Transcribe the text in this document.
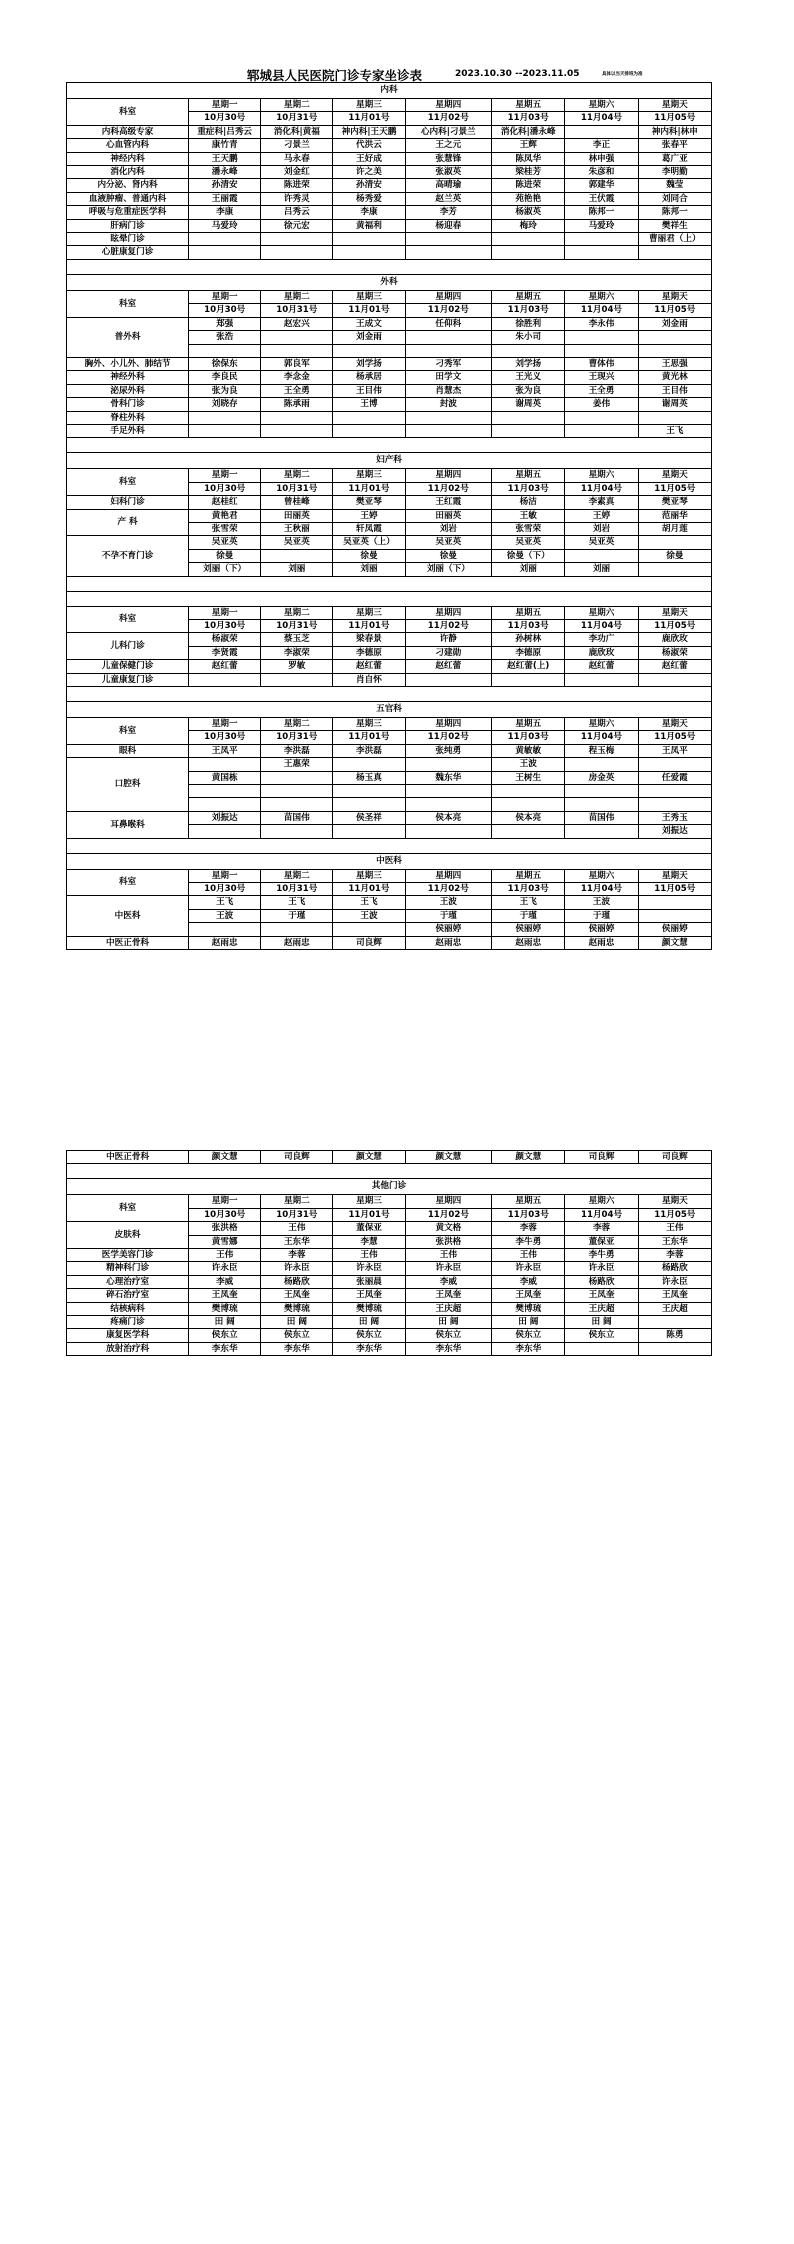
郓城县人民医院门诊专家坐诊表	2023.10.30 --2023.11.05	具体以当天排班为准
内科							
科室	星期一	星期二	星期三	星期四	星期五	星期六	星期天
	10月30号	10月31号	11月01号	11月02号	11月03号	11月04号	11月05号
内科高级专家	重症科|吕秀云	消化科|黄福	神内科|王天鹏	心内科|刁景兰	消化科|潘永峰		神内科|林申
心血管内科	康竹青	刁景兰	代洪云	王之元	王辉	李正	张春平
神经内科	王天鹏	马永春	王好成	张慧锋	陈凤华	林申强	葛广亚
消化内科	潘永峰	刘金红	许之美	张淑英	梁桂芳	朱彦和	李明勤
内分泌、肾内科	孙清安	陈进荣	孙清安	高晴瑜	陈进荣	郭建华	魏莹
血液肿瘤、普通内科	王丽霞	许秀灵	杨秀爱	赵兰英	苑艳艳	王伏霞	刘同合
呼吸与危重症医学科	李康	吕秀云	李康	李芳	杨淑英	陈邦一	陈邦一
肝病门诊	马爱玲	徐元宏	黄福利	杨迎春	梅玲	马爱玲	樊祥生
眩晕门诊							曹丽君（上）
心脏康复门诊							

外科							
科室	星期一	星期二	星期三	星期四	星期五	星期六	星期天
	10月30号	10月31号	11月01号	11月02号	11月03号	11月04号	11月05号
普外科	郑强	赵宏兴	王成文	任仰科	徐胜利	李永伟	刘金雨
	张浩		刘金雨		朱小司		

胸外、小儿外、肺结节	徐保东	郭良军	刘学扬	刁秀军	刘学扬	曹体伟	王思强
神经外科	李良民	李念金	杨承居	田学文	王光义	王现兴	黄光林
泌尿外科	张为良	王全勇	王目伟	肖慧杰	张为良	王全勇	王目伟
骨科门诊	刘晓存	陈承雨	王博	封波	谢周英	姜伟	谢周英
脊柱外科							
手足外科							王飞

妇产科							
科室	星期一	星期二	星期三	星期四	星期五	星期六	星期天
	10月30号	10月31号	11月01号	11月02号	11月03号	11月04号	11月05号
妇科门诊	赵桂红	曾桂峰	樊亚琴	王红霞	杨洁	李素真	樊亚琴
产 科	黄艳君	田丽英	王婷	田丽英	王敏	王婷	范丽华
	张雪荣	王秋丽	轩凤霞	刘岩	张雪荣	刘岩	胡月莲
不孕不育门诊	吴亚英	吴亚英	吴亚英（上）	吴亚英	吴亚英	吴亚英	
	徐曼		徐曼	徐曼	徐曼（下）		徐曼
	刘丽（下）	刘丽	刘丽	刘丽（下）	刘丽	刘丽	

科室	星期一	星期二	星期三	星期四	星期五	星期六	星期天
	10月30号	10月31号	11月01号	11月02号	11月03号	11月04号	11月05号
儿科门诊	杨淑荣	蔡玉芝	梁春景	许静	孙树林	李功广	鹿欣玫
	李贤霞	李淑荣	李德原	刁建勋	李德原	鹿欣玫	杨淑荣
儿童保健门诊	赵红蕾	罗敏	赵红蕾	赵红蕾	赵红蕾(上)	赵红蕾	赵红蕾
儿童康复门诊			肖自怀				

五官科							
科室	星期一	星期二	星期三	星期四	星期五	星期六	星期天
	10月30号	10月31号	11月01号	11月02号	11月03号	11月04号	11月05号
眼科	王凤平	李洪磊	李洪磊	张纯勇	黄敏敏	程玉梅	王凤平
口腔科		王惠荣			王波		
	黄国栋		杨玉真	魏东华	王树生	房金英	任爱霞

耳鼻喉科	刘振达	苗国伟	侯圣祥	侯本亮	侯本亮	苗国伟	王秀玉
							刘振达

中医科							
科室	星期一	星期二	星期三	星期四	星期五	星期六	星期天
	10月30号	10月31号	11月01号	11月02号	11月03号	11月04号	11月05号
中医科	王飞	王飞	王飞	王波	王飞	王波	
	王波	于瑾	王波	于瑾	于瑾	于瑾	
				侯丽婷	侯丽婷	侯丽婷	侯丽婷
中医正骨科	赵雨忠	赵雨忠	司良辉	赵雨忠	赵雨忠	赵雨忠	颜文慧
中医正骨科	颜文慧	司良辉	颜文慧	颜文慧	颜文慧	司良辉	司良辉

其他门诊							
科室	星期一	星期二	星期三	星期四	星期五	星期六	星期天
	10月30号	10月31号	11月01号	11月02号	11月03号	11月04号	11月05号
皮肤科	张洪格	王伟	董保亚	黄文格	李蓉	李蓉	王伟
	黄雪娜	王东华	李慧	张洪格	李牛勇	董保亚	王东华
医学美容门诊	王伟	李蓉	王伟	王伟	王伟	李牛勇	李蓉
精神科门诊	许永臣	许永臣	许永臣	许永臣	许永臣	许永臣	杨路欣
心理治疗室	李威	杨路欣	张丽晨	李威	李威	杨路欣	许永臣
碎石治疗室	王凤奎	王凤奎	王凤奎	王凤奎	王凤奎	王凤奎	王凤奎
结核病科	樊博琉	樊博琉	樊博琉	王庆超	樊博琉	王庆超	王庆超
疼痛门诊	田 阔	田 阔	田 阔	田 阔	田 阔	田 阔	
康复医学科	侯东立	侯东立	侯东立	侯东立	侯东立	侯东立	陈勇
放射治疗科	李东华	李东华	李东华	李东华	李东华		
